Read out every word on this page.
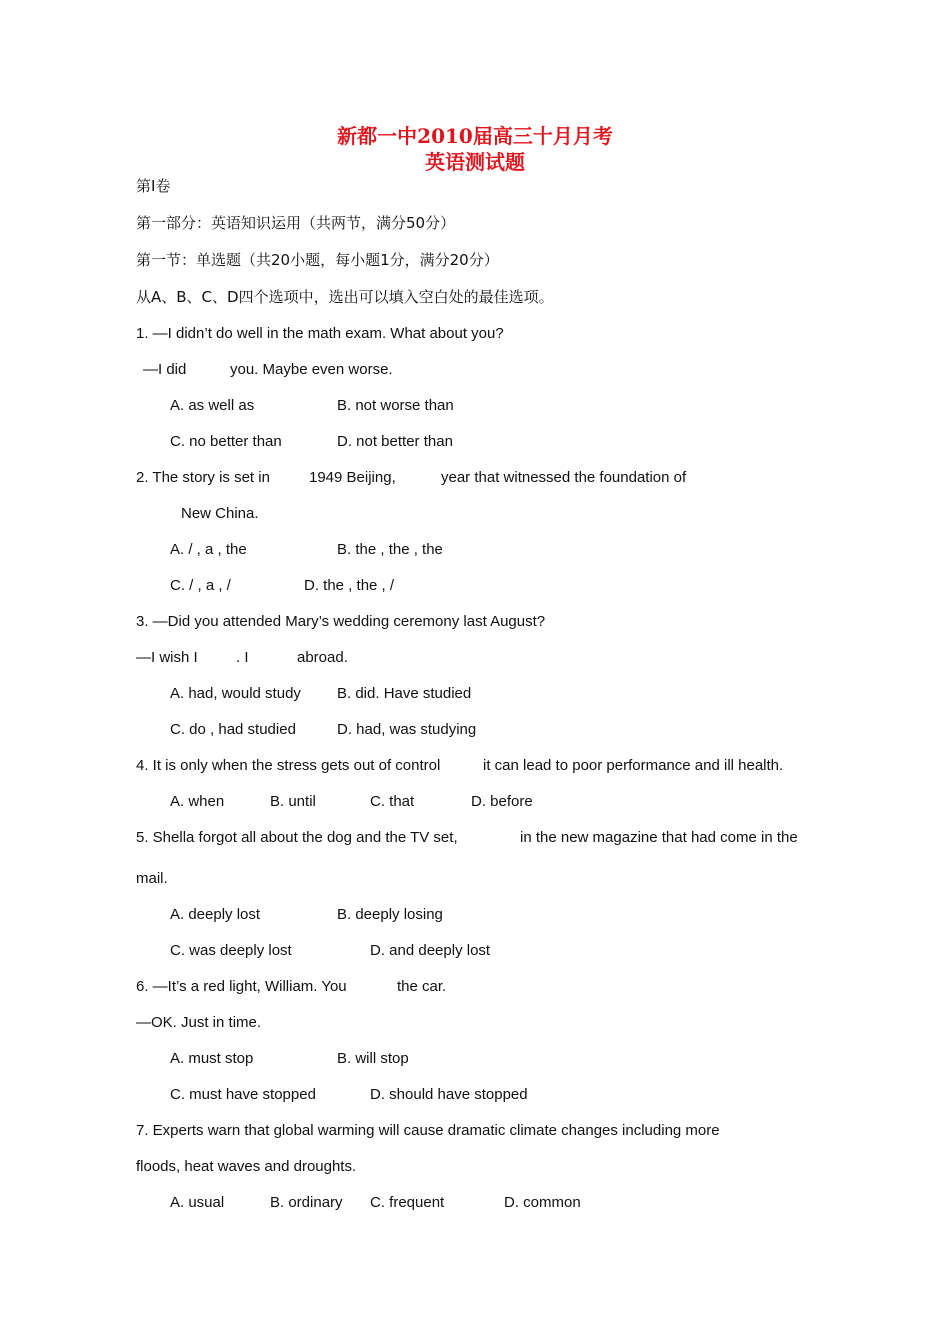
新都一中2010届高三十月月考
英语测试题
第Ⅰ卷
第一部分：英语知识运用（共两节，满分50分）
第一节：单选题（共20小题，每小题1分，满分20分）
从A、B、C、D四个选项中，选出可以填入空白处的最佳选项。
1. —I didn’t do well in the math exam. What about you?
—I did	you. Maybe even worse.
A. as well as	B. not worse than
C. no better than	D. not better than
2. The story is set in	1949 Beijing,	year that witnessed the foundation of
New China.
A. / , a , the	B. the , the , the
C. / , a , /	D. the , the , /
3. —Did you attended Mary’s wedding ceremony last August?
—I wish I	. I	abroad.
A. had, would study B. did. Have studied
C. do , had studied	D. had, was studying
4. It is only when the stress gets out of control	it can lead to poor performance and ill health.
A. when	B. until	C. that	D. before
5. Shella forgot all about the dog and the TV set,	in the new magazine that had come in the
mail.
A. deeply lost	B. deeply losing
C. was deeply lost	D. and deeply lost
6. —It’s a red light, William. You	the car.
—OK. Just in time.
A. must stop	B. will stop
C. must have stopped	D. should have stopped
7. Experts warn that global warming will cause dramatic climate changes including more
floods, heat waves and droughts.
A. usual	B. ordinary C. frequent	D. common
